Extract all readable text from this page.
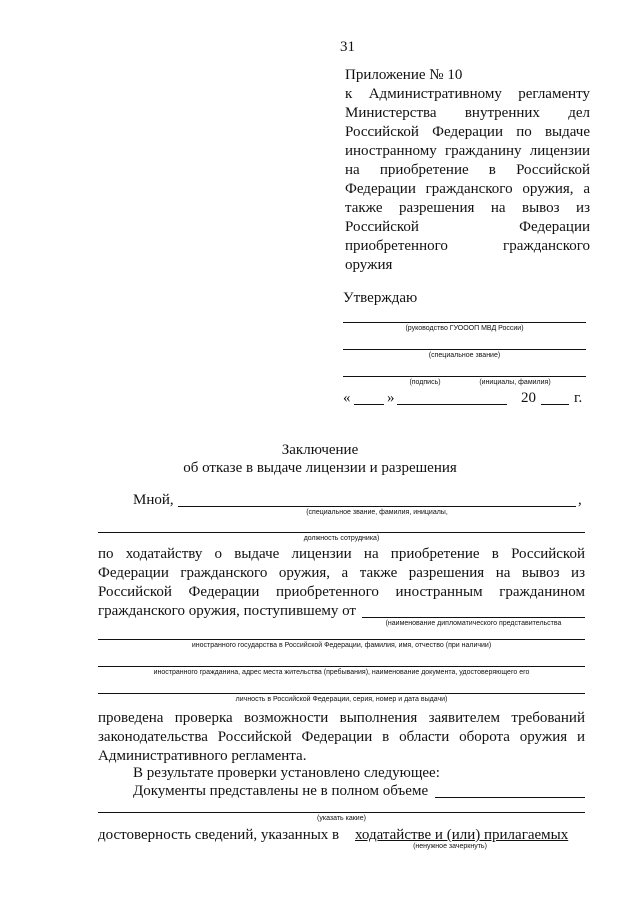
31
Приложение № 10
к Административному регламенту
Министерства внутренних дел
Российской Федерации по выдаче
иностранному гражданину лицензии
на приобретение в Российской
Федерации гражданского оружия, а
также разрешения на вывоз из
Российской Федерации
приобретенного гражданского
оружия
Утверждаю
(руководство ГУОООП МВД России)
(специальное звание)
(подпись)	(инициалы, фамилия)
« »	20	г.
Заключение
об отказе в выдаче лицензии и разрешения
Мной,	,
(специальное звание, фамилия, инициалы,
должность сотрудника)
по ходатайству о выдаче лицензии на приобретение в Российской
Федерации гражданского оружия, а также разрешения на вывоз из
Российской Федерации приобретенного иностранным гражданином
гражданского оружия, поступившему от
(наименование дипломатического представительства
иностранного государства в Российской Федерации, фамилия, имя, отчество (при наличии)
иностранного гражданина, адрес места жительства (пребывания), наименование документа, удостоверяющего его
личность в Российской Федерации, серия, номер и дата выдачи)
проведена проверка возможности выполнения заявителем требований
законодательства Российской Федерации в области оборота оружия и
Административного регламента.
В результате проверки установлено следующее:
Документы представлены не в полном объеме
(указать какие)
достоверность сведений, указанных в ходатайстве и (или) прилагаемых
(ненужное зачеркнуть)
